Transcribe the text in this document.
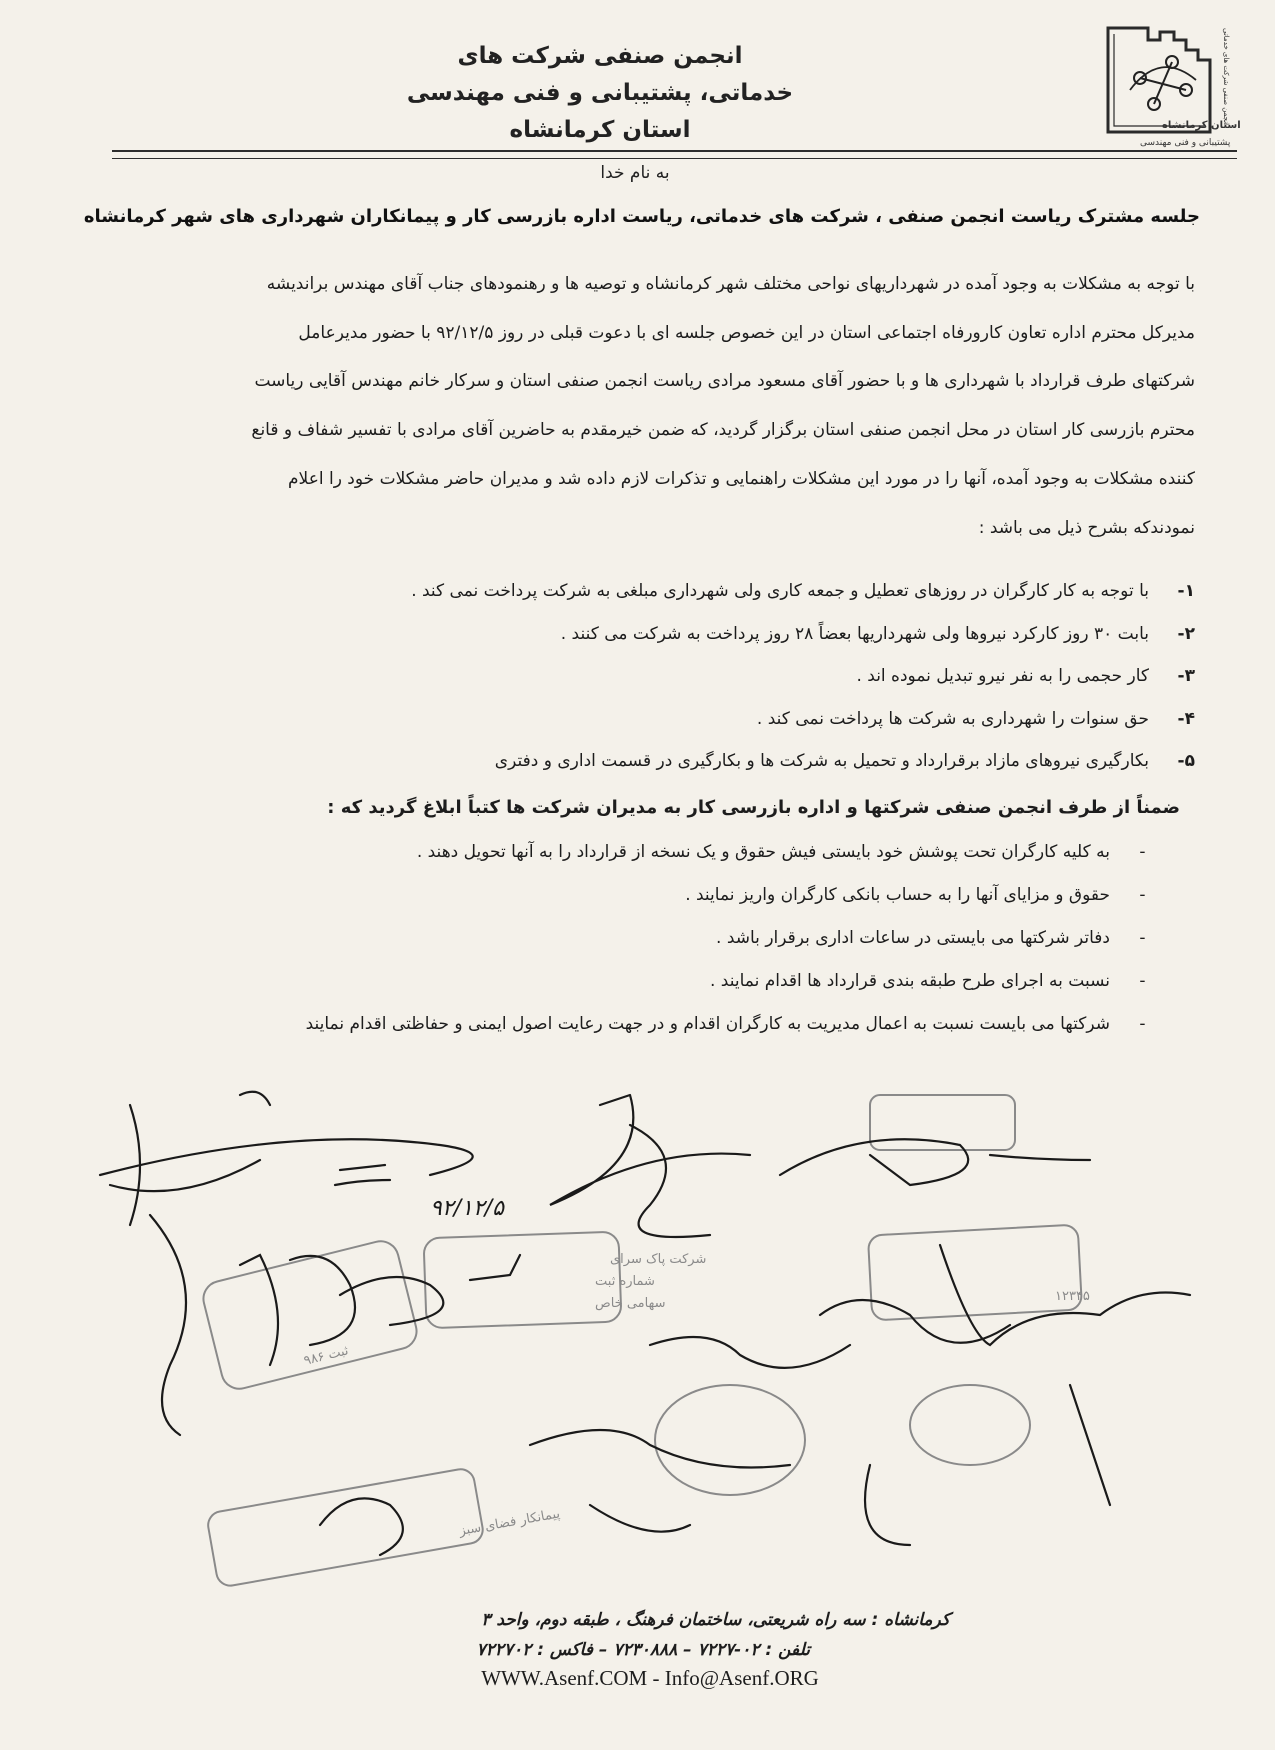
انجمن صنفی شرکت های
خدماتی، پشتیبانی و فنی مهندسی
استان کرمانشاه	استان کرمانشاه
پشتیبانی و فنی مهندسی
انجمن صنفی شرکت های خدماتی
به نام خدا
جلسه مشترک ریاست انجمن صنفی ، شرکت های خدماتی، ریاست اداره بازرسی کار و پیمانکاران شهرداری های شهر کرمانشاه
با توجه به مشکلات به وجود آمده در شهرداریهای نواحی مختلف شهر کرمانشاه و توصیه ها و رهنمودهای جناب آقای مهندس براندیشه
مدیرکل محترم اداره تعاون کارورفاه اجتماعی استان در این خصوص جلسه ای با دعوت قبلی در روز ۹۲/۱۲/۵ با حضور مدیرعامل
شرکتهای طرف قرارداد با شهرداری ها و با حضور آقای مسعود مرادی ریاست انجمن صنفی استان و سرکار خانم مهندس آقایی ریاست
محترم بازرسی کار استان در محل انجمن صنفی استان برگزار گردید، که ضمن خیرمقدم به حاضرین آقای مرادی با تفسیر شفاف و قانع
کننده مشکلات به وجود آمده، آنها را در مورد این مشکلات راهنمایی و تذکرات لازم داده شد و مدیران حاضر مشکلات خود را اعلام
نمودندکه بشرح ذیل می باشد :
۱-
با توجه به کار کارگران در روزهای تعطیل و جمعه کاری ولی شهرداری مبلغی به شرکت پرداخت نمی کند .
۲-
بابت ۳۰ روز کارکرد نیروها ولی شهرداریها بعضاً ۲۸ روز پرداخت به شرکت می کنند .
۳-
کار حجمی را به نفر نیرو تبدیل نموده اند .
۴-
حق سنوات را شهرداری به شرکت ها پرداخت نمی کند .
۵-
بکارگیری نیروهای مازاد برقرارداد و تحمیل به شرکت ها و بکارگیری در قسمت اداری و دفتری
ضمناً از طرف انجمن صنفی شرکتها و اداره بازرسی کار به مدیران شرکت ها کتباً ابلاغ گردید که :
-
به کلیه کارگران تحت پوشش خود بایستی فیش حقوق و یک نسخه از قرارداد را به آنها تحویل دهند .
-
حقوق و مزایای آنها را به حساب بانکی کارگران واریز نمایند .
-
دفاتر شرکتها می بایستی در ساعات اداری برقرار باشد .
-
نسبت به اجرای طرح طبقه بندی قرارداد ها اقدام نمایند .
-
شرکتها می بایست نسبت به اعمال مدیریت به کارگران اقدام و در جهت رعایت اصول ایمنی و حفاظتی اقدام نمایند
شرکت پاک سرای
شماره ثبت
سهامی خاص
ثبت ۹۸۶
۱۲۳۴۵
پیمانکار فضای سبز
۹۲/۱۲/۵
کرمانشاه : سه راه شریعتی، ساختمان فرهنگ ، طبقه دوم، واحد ۳
تلفن : ۰۲-۷۲۲۷ – ۷۲۳۰۸۸۸ – فاکس : ۷۲۲۷۰۲
WWW.Asenf.COM - Info@Asenf.ORG
